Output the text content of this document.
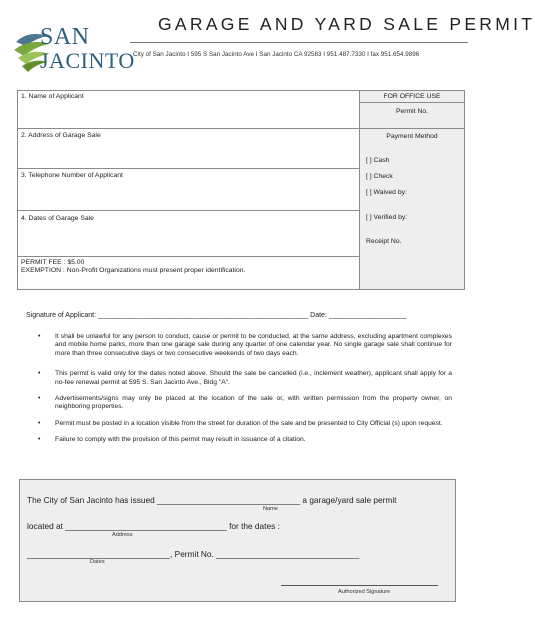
SAN
JACINTO
GARAGE AND YARD SALE PERMIT
City of San Jacinto I 595 S San Jacinto Ave I San Jacinto CA 92583 I 951.487.7330 I fax 951.654.9896
1. Name of Applicant
2. Address of Garage Sale
3. Telephone Number of Applicant
4. Dates of Garage Sale
PERMIT FEE : $5.00
EXEMPTION : Non-Profit Organizations must present proper identification.
FOR OFFICE USE
Permit No.
Payment Method
[ ] Cash
[ ] Check
[ ] Waived by:
[ ] Verified by:
Receipt No.
Signature of Applicant: ______________________________________________________ Date: ____________________
• It shall be unlawful for any person to conduct, cause or permit to be conducted, at the same address, excluding apartment complexes and mobile home parks, more than one garage sale during any quarter of one calendar year. No single garage sale shall continue for more than three consecutive days or two consecutive weekends of two days each.
• This permit is valid only for the dates noted above. Should the sale be cancelled (i.e., inclement weather), applicant shall apply for a no-fee renewal permit at 595 S. San Jacinto Ave., Bldg "A".
• Advertisements/signs may only be placed at the location of the sale or, with written permission from the property owner, on neighboring properties.
• Permit must be posted in a location visible from the street for duration of the sale and be presented to City Official (s) upon request.
• Failure to comply with the provision of this permit may result in issuance of a citation.
The City of San Jacinto has issued _______________________________ a garage/yard sale permit
Name
located at ___________________________________ for the dates :
Address
_______________________________, Permit No. _______________________________
Dates
Authorized Signature
